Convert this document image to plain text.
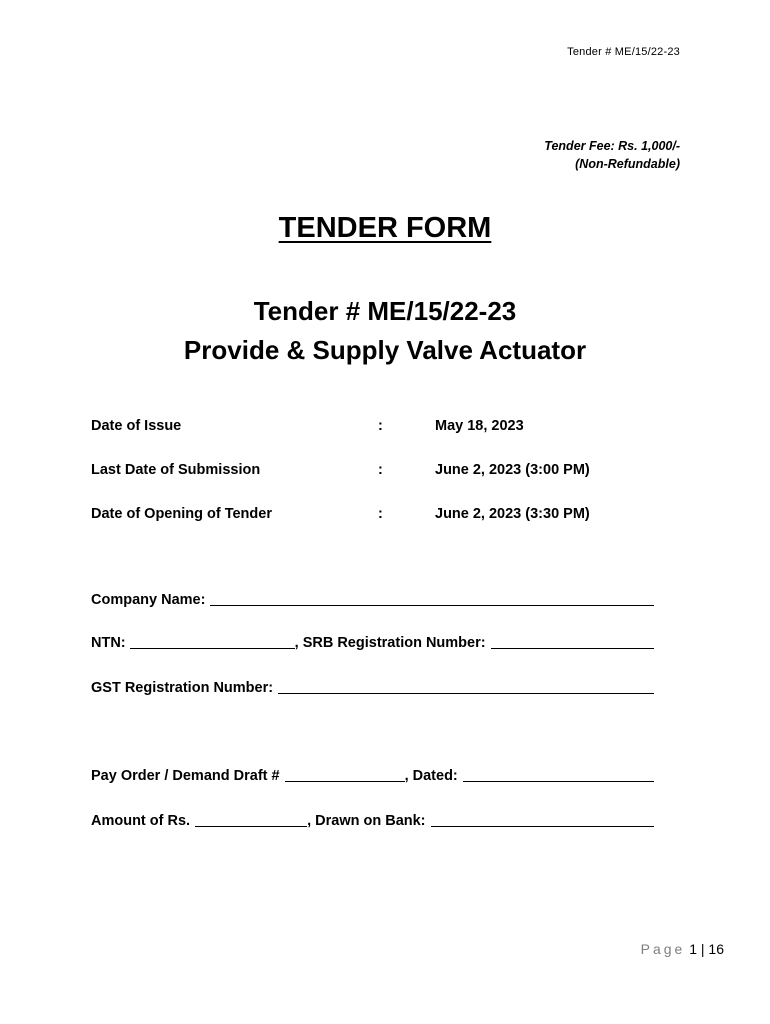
Tender # ME/15/22-23
Tender Fee: Rs. 1,000/-
(Non-Refundable)
TENDER FORM
Tender # ME/15/22-23
Provide & Supply Valve Actuator
Date of Issue	:	May 18, 2023
Last Date of Submission	:	June 2, 2023 (3:00 PM)
Date of Opening of Tender	:	June 2, 2023 (3:30 PM)
Company Name:
NTN:	, SRB Registration Number:
GST Registration Number:
Pay Order / Demand Draft #	, Dated:
Amount of Rs.	, Drawn on Bank:
Page 1 | 16
